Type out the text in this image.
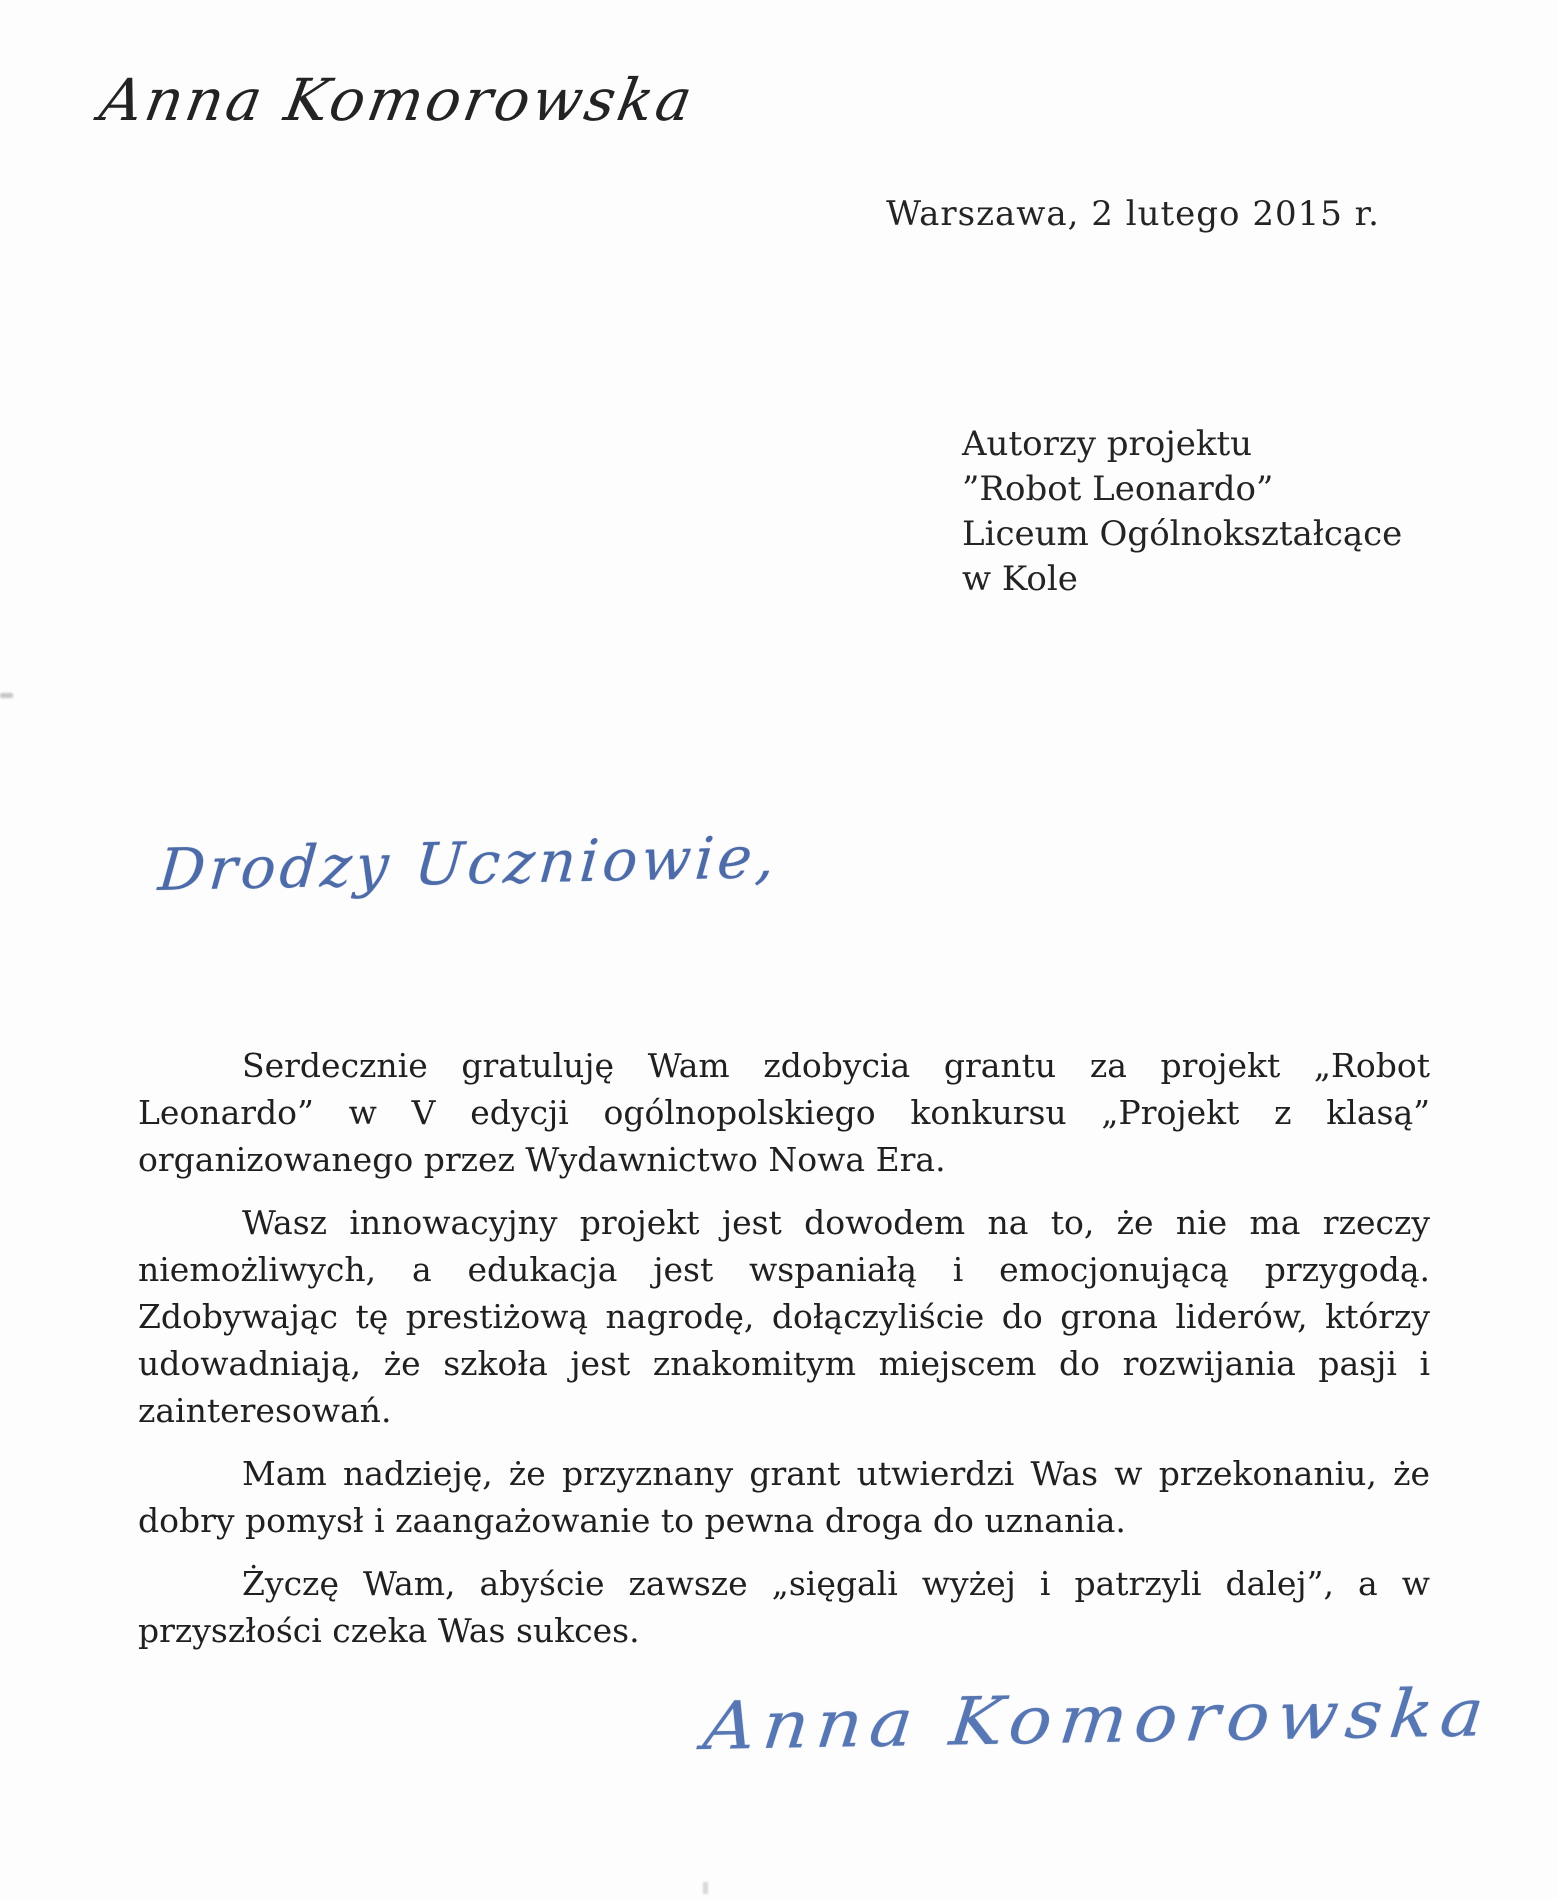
Anna Komorowska
Warszawa, 2 lutego 2015 r.
Autorzy projektu
”Robot Leonardo”
Liceum Ogólnokształcące
w Kole
Drodzy Uczniowie,

Serdecznie gratuluję Wam zdobycia grantu za projekt „Robot Leonardo” w V edycji ogólnopolskiego konkursu „Projekt z klasą” organizowanego przez Wydawnictwo Nowa Era.

Wasz innowacyjny projekt jest dowodem na to, że nie ma rzeczy niemożliwych, a edukacja jest wspaniałą i emocjonującą przygodą. Zdobywając tę prestiżową nagrodę, dołączyliście do grona liderów, którzy udowadniają, że szkoła jest znakomitym miejscem do rozwijania pasji i zainteresowań.

Mam nadzieję, że przyznany grant utwierdzi Was w przekonaniu, że dobry pomysł i zaangażowanie to pewna droga do uznania.

Życzę Wam, abyście zawsze „sięgali wyżej i patrzyli dalej”, a w przyszłości czeka Was sukces.

Anna Komorowska
